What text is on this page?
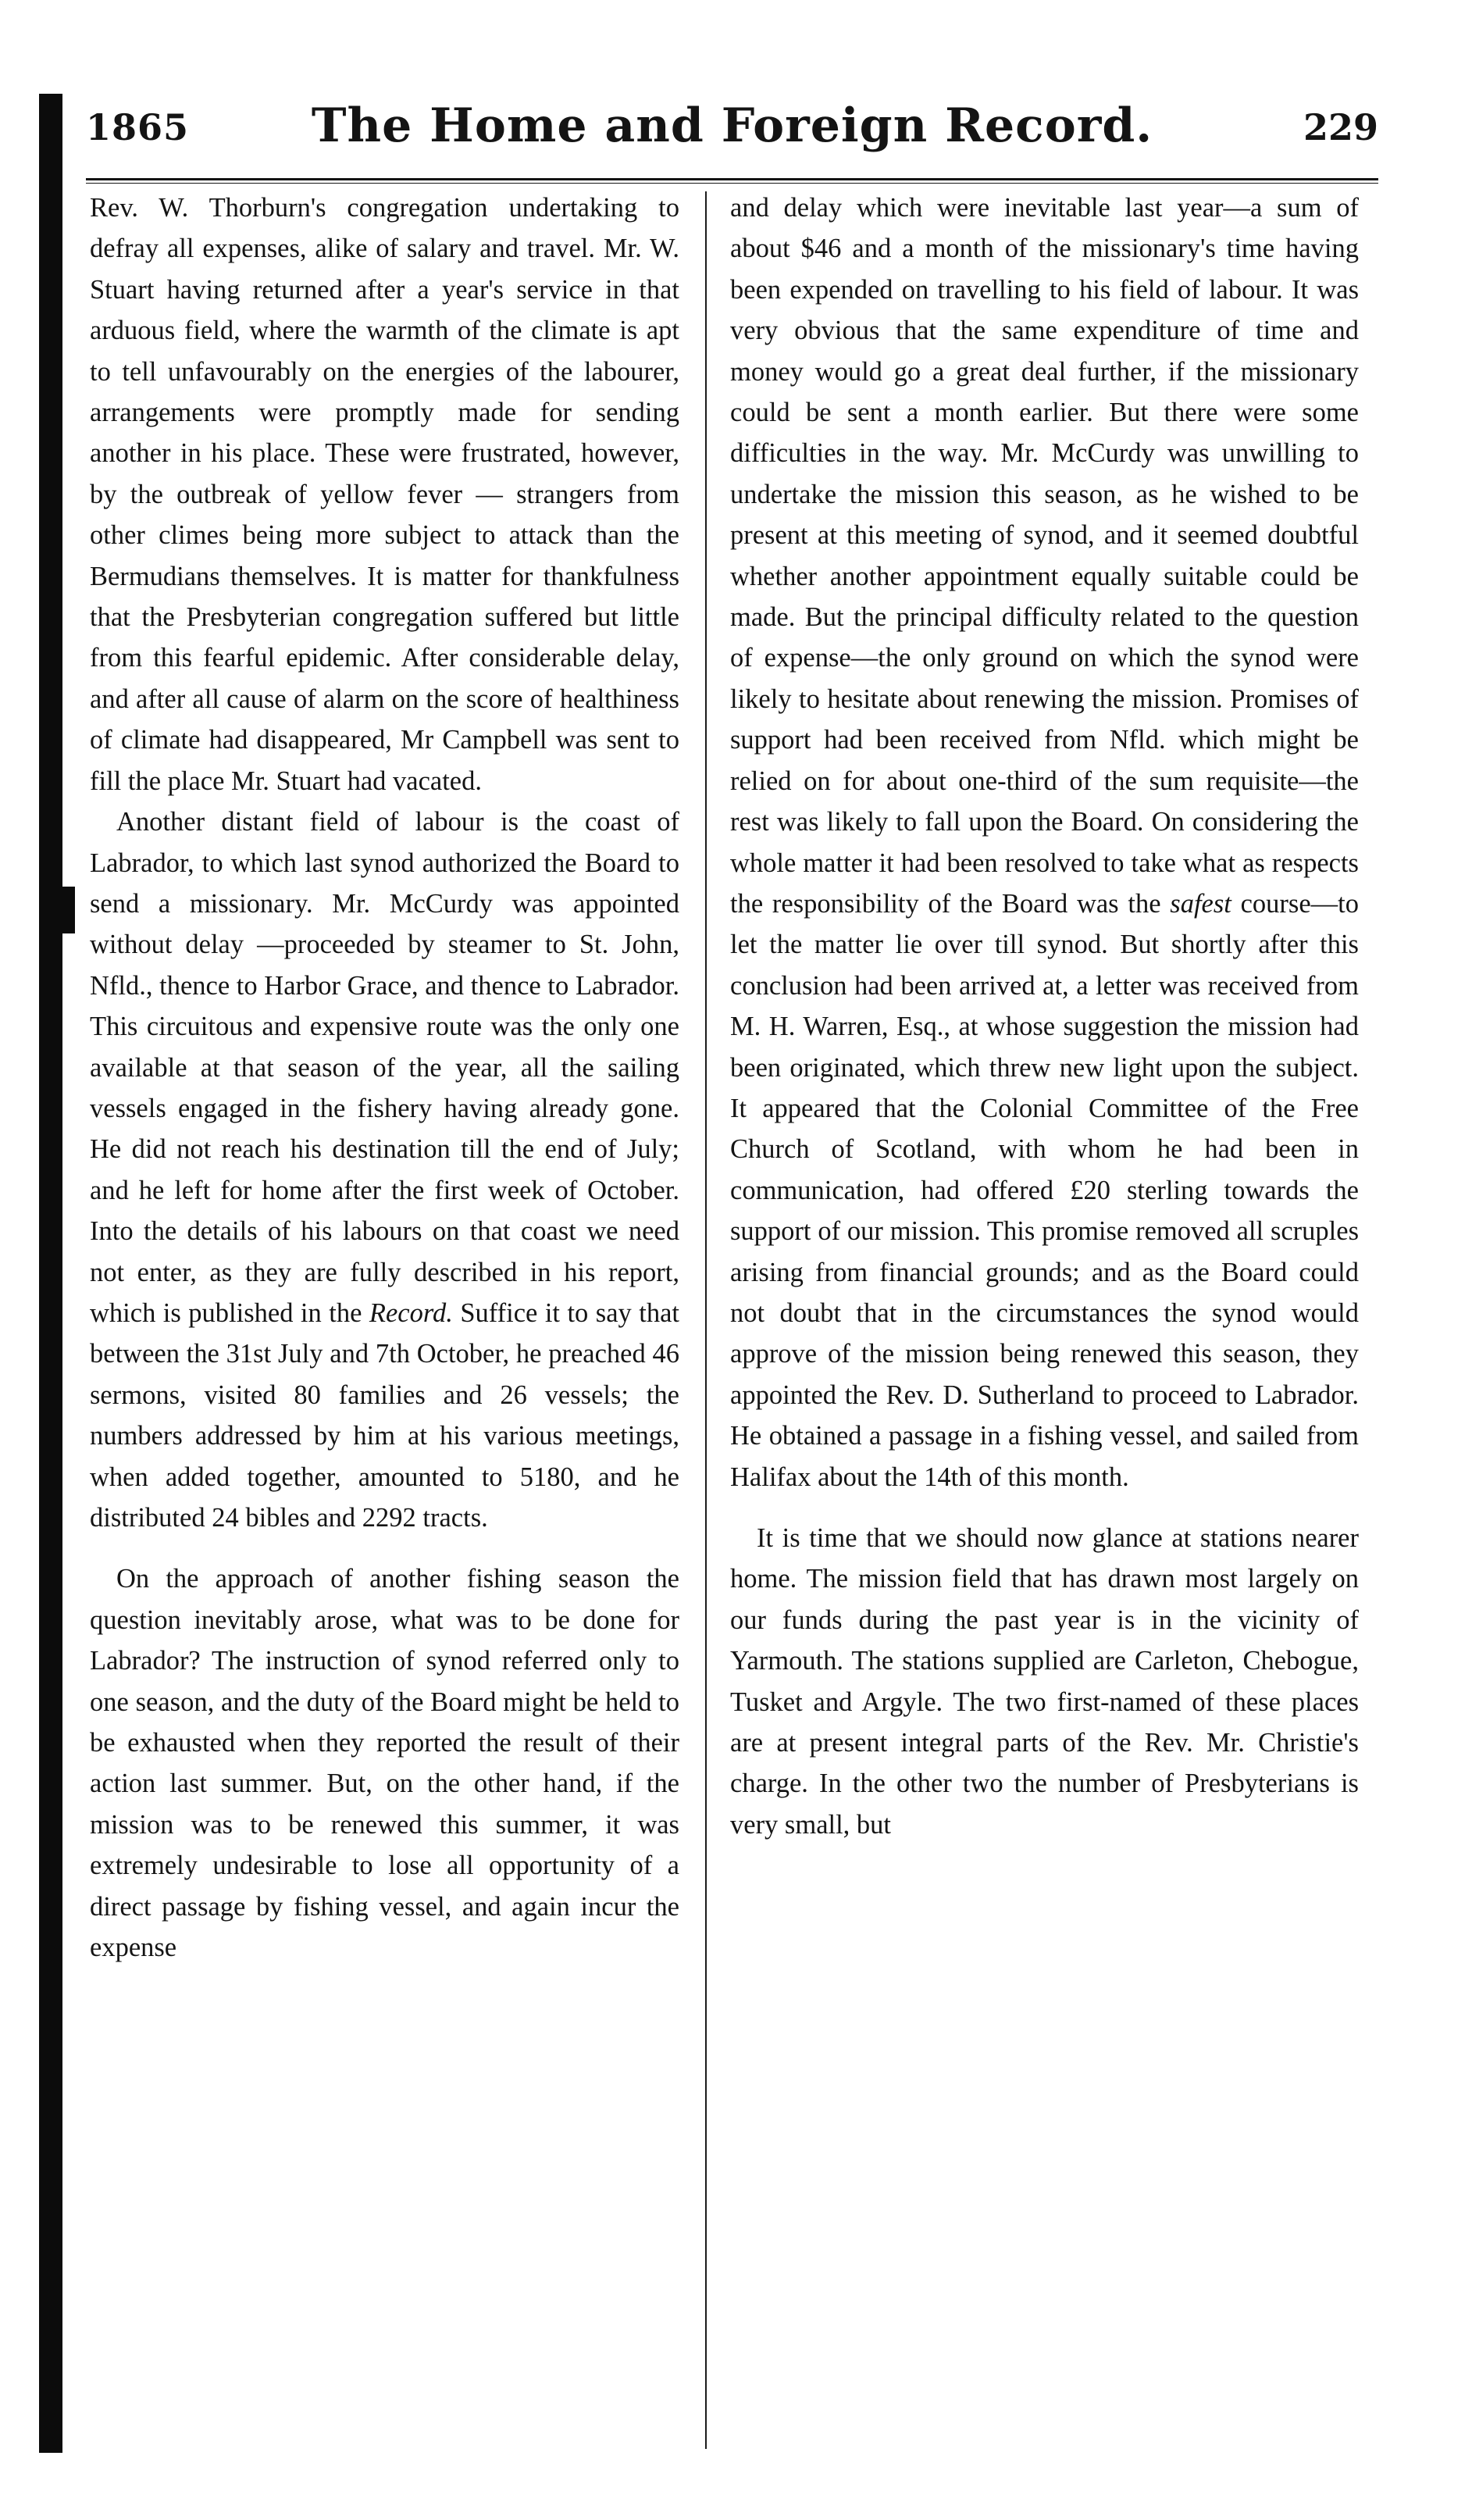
1865	The Home and Foreign Record.	229

Rev. W. Thorburn's congregation undertaking to defray all expenses, alike of salary and travel. Mr. W. Stuart having returned after a year's service in that arduous field, where the warmth of the climate is apt to tell unfavourably on the energies of the labourer, arrangements were promptly made for sending another in his place. These were frustrated, however, by the outbreak of yellow fever — strangers from other climes being more subject to attack than the Bermudians themselves. It is matter for thankfulness that the Presbyterian congregation suffered but little from this fearful epidemic. After considerable delay, and after all cause of alarm on the score of healthiness of climate had disappeared, Mr Campbell was sent to fill the place Mr. Stuart had vacated.

Another distant field of labour is the coast of Labrador, to which last synod authorized the Board to send a missionary. Mr. McCurdy was appointed without delay —proceeded by steamer to St. John, Nfld., thence to Harbor Grace, and thence to Labrador. This circuitous and expensive route was the only one available at that season of the year, all the sailing vessels engaged in the fishery having already gone. He did not reach his destination till the end of July; and he left for home after the first week of October. Into the details of his labours on that coast we need not enter, as they are fully described in his report, which is published in the Record. Suffice it to say that between the 31st July and 7th October, he preached 46 sermons, visited 80 families and 26 vessels; the numbers addressed by him at his various meetings, when added together, amounted to 5180, and he distributed 24 bibles and 2292 tracts.

On the approach of another fishing season the question inevitably arose, what was to be done for Labrador? The instruction of synod referred only to one season, and the duty of the Board might be held to be exhausted when they reported the result of their action last summer. But, on the other hand, if the mission was to be renewed this summer, it was extremely undesirable to lose all opportunity of a direct passage by fishing vessel, and again incur the expense

and delay which were inevitable last year—a sum of about $46 and a month of the missionary's time having been expended on travelling to his field of labour. It was very obvious that the same expenditure of time and money would go a great deal further, if the missionary could be sent a month earlier. But there were some difficulties in the way. Mr. McCurdy was unwilling to undertake the mission this season, as he wished to be present at this meeting of synod, and it seemed doubtful whether another appointment equally suitable could be made. But the principal difficulty related to the question of expense—the only ground on which the synod were likely to hesitate about renewing the mission. Promises of support had been received from Nfld. which might be relied on for about one-third of the sum requisite—the rest was likely to fall upon the Board. On considering the whole matter it had been resolved to take what as respects the responsibility of the Board was the safest course—to let the matter lie over till synod. But shortly after this conclusion had been arrived at, a letter was received from M. H. Warren, Esq., at whose suggestion the mission had been originated, which threw new light upon the subject. It appeared that the Colonial Committee of the Free Church of Scotland, with whom he had been in communication, had offered £20 sterling towards the support of our mission. This promise removed all scruples arising from financial grounds; and as the Board could not doubt that in the circumstances the synod would approve of the mission being renewed this season, they appointed the Rev. D. Sutherland to proceed to Labrador. He obtained a passage in a fishing vessel, and sailed from Halifax about the 14th of this month.

It is time that we should now glance at stations nearer home. The mission field that has drawn most largely on our funds during the past year is in the vicinity of Yarmouth. The stations supplied are Carleton, Chebogue, Tusket and Argyle. The two first-named of these places are at present integral parts of the Rev. Mr. Christie's charge. In the other two the number of Presbyterians is very small, but
